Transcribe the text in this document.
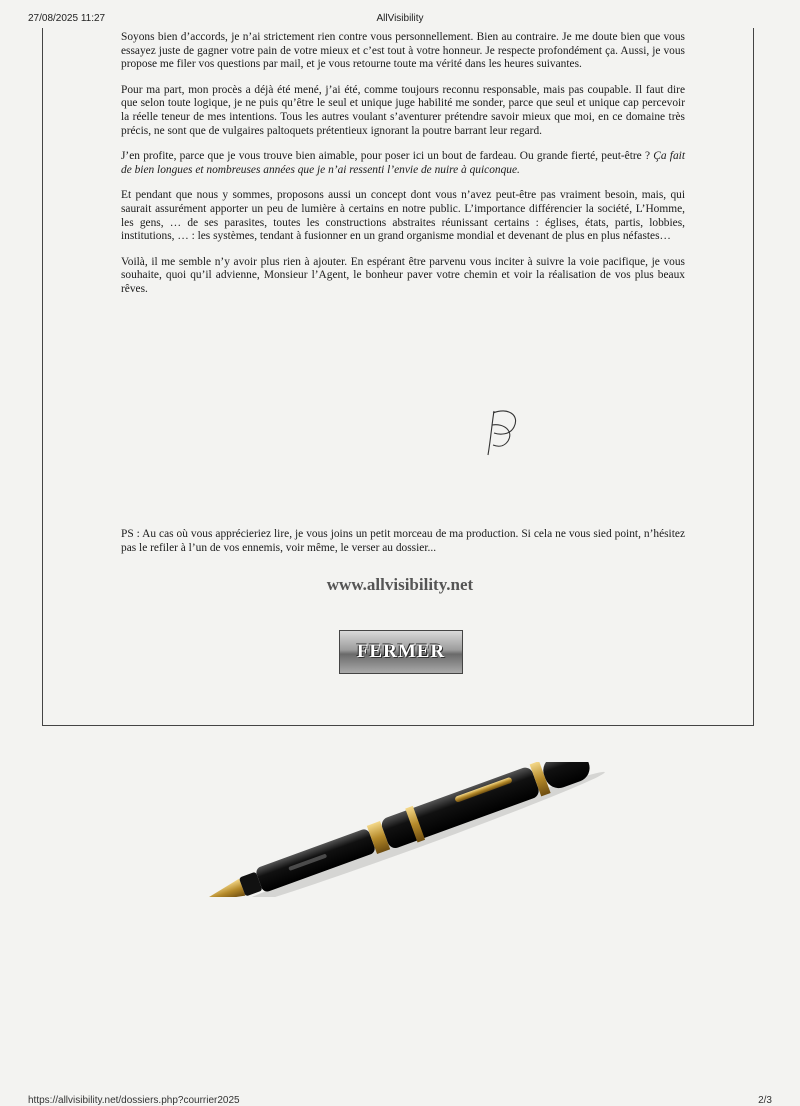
27/08/2025 11:27	AllVisibility

Soyons bien d’accords, je n’ai strictement rien contre vous personnellement. Bien au contraire. Je me doute bien que vous essayez juste de gagner votre pain de votre mieux et c’est tout à votre honneur. Je respecte profondément ça. Aussi, je vous propose me filer vos questions par mail, et je vous retourne toute ma vérité dans les heures suivantes.

Pour ma part, mon procès a déjà été mené, j’ai été, comme toujours reconnu responsable, mais pas coupable. Il faut dire que selon toute logique, je ne puis qu’être le seul et unique juge habilité me sonder, parce que seul et unique cap percevoir la réelle teneur de mes intentions. Tous les autres voulant s’aventurer prétendre savoir mieux que moi, en ce domaine très précis, ne sont que de vulgaires paltoquets prétentieux ignorant la poutre barrant leur regard.

J’en profite, parce que je vous trouve bien aimable, pour poser ici un bout de fardeau. Ou grande fierté, peut-être ? Ça fait de bien longues et nombreuses années que je n’ai ressenti l’envie de nuire à quiconque.

Et pendant que nous y sommes, proposons aussi un concept dont vous n’avez peut-être pas vraiment besoin, mais, qui saurait assurément apporter un peu de lumière à certains en notre public. L’importance différencier la société, L’Homme, les gens, … de ses parasites, toutes les constructions abstraites réunissant certains : églises, états, partis, lobbies, institutions, … : les systèmes, tendant à fusionner en un grand organisme mondial et devenant de plus en plus néfastes…

Voilà, il me semble n’y avoir plus rien à ajouter. En espérant être parvenu vous inciter à suivre la voie pacifique, je vous souhaite, quoi qu’il advienne, Monsieur l’Agent, le bonheur paver votre chemin et voir la réalisation de vos plus beaux rêves.

PS : Au cas où vous apprécieriez lire, je vous joins un petit morceau de ma production. Si cela ne vous sied point, n’hésitez pas le refiler à l’un de vos ennemis, voir même, le verser au dossier...

www.allvisibility.net
FERMER
https://allvisibility.net/dossiers.php?courrier2025	2/3
